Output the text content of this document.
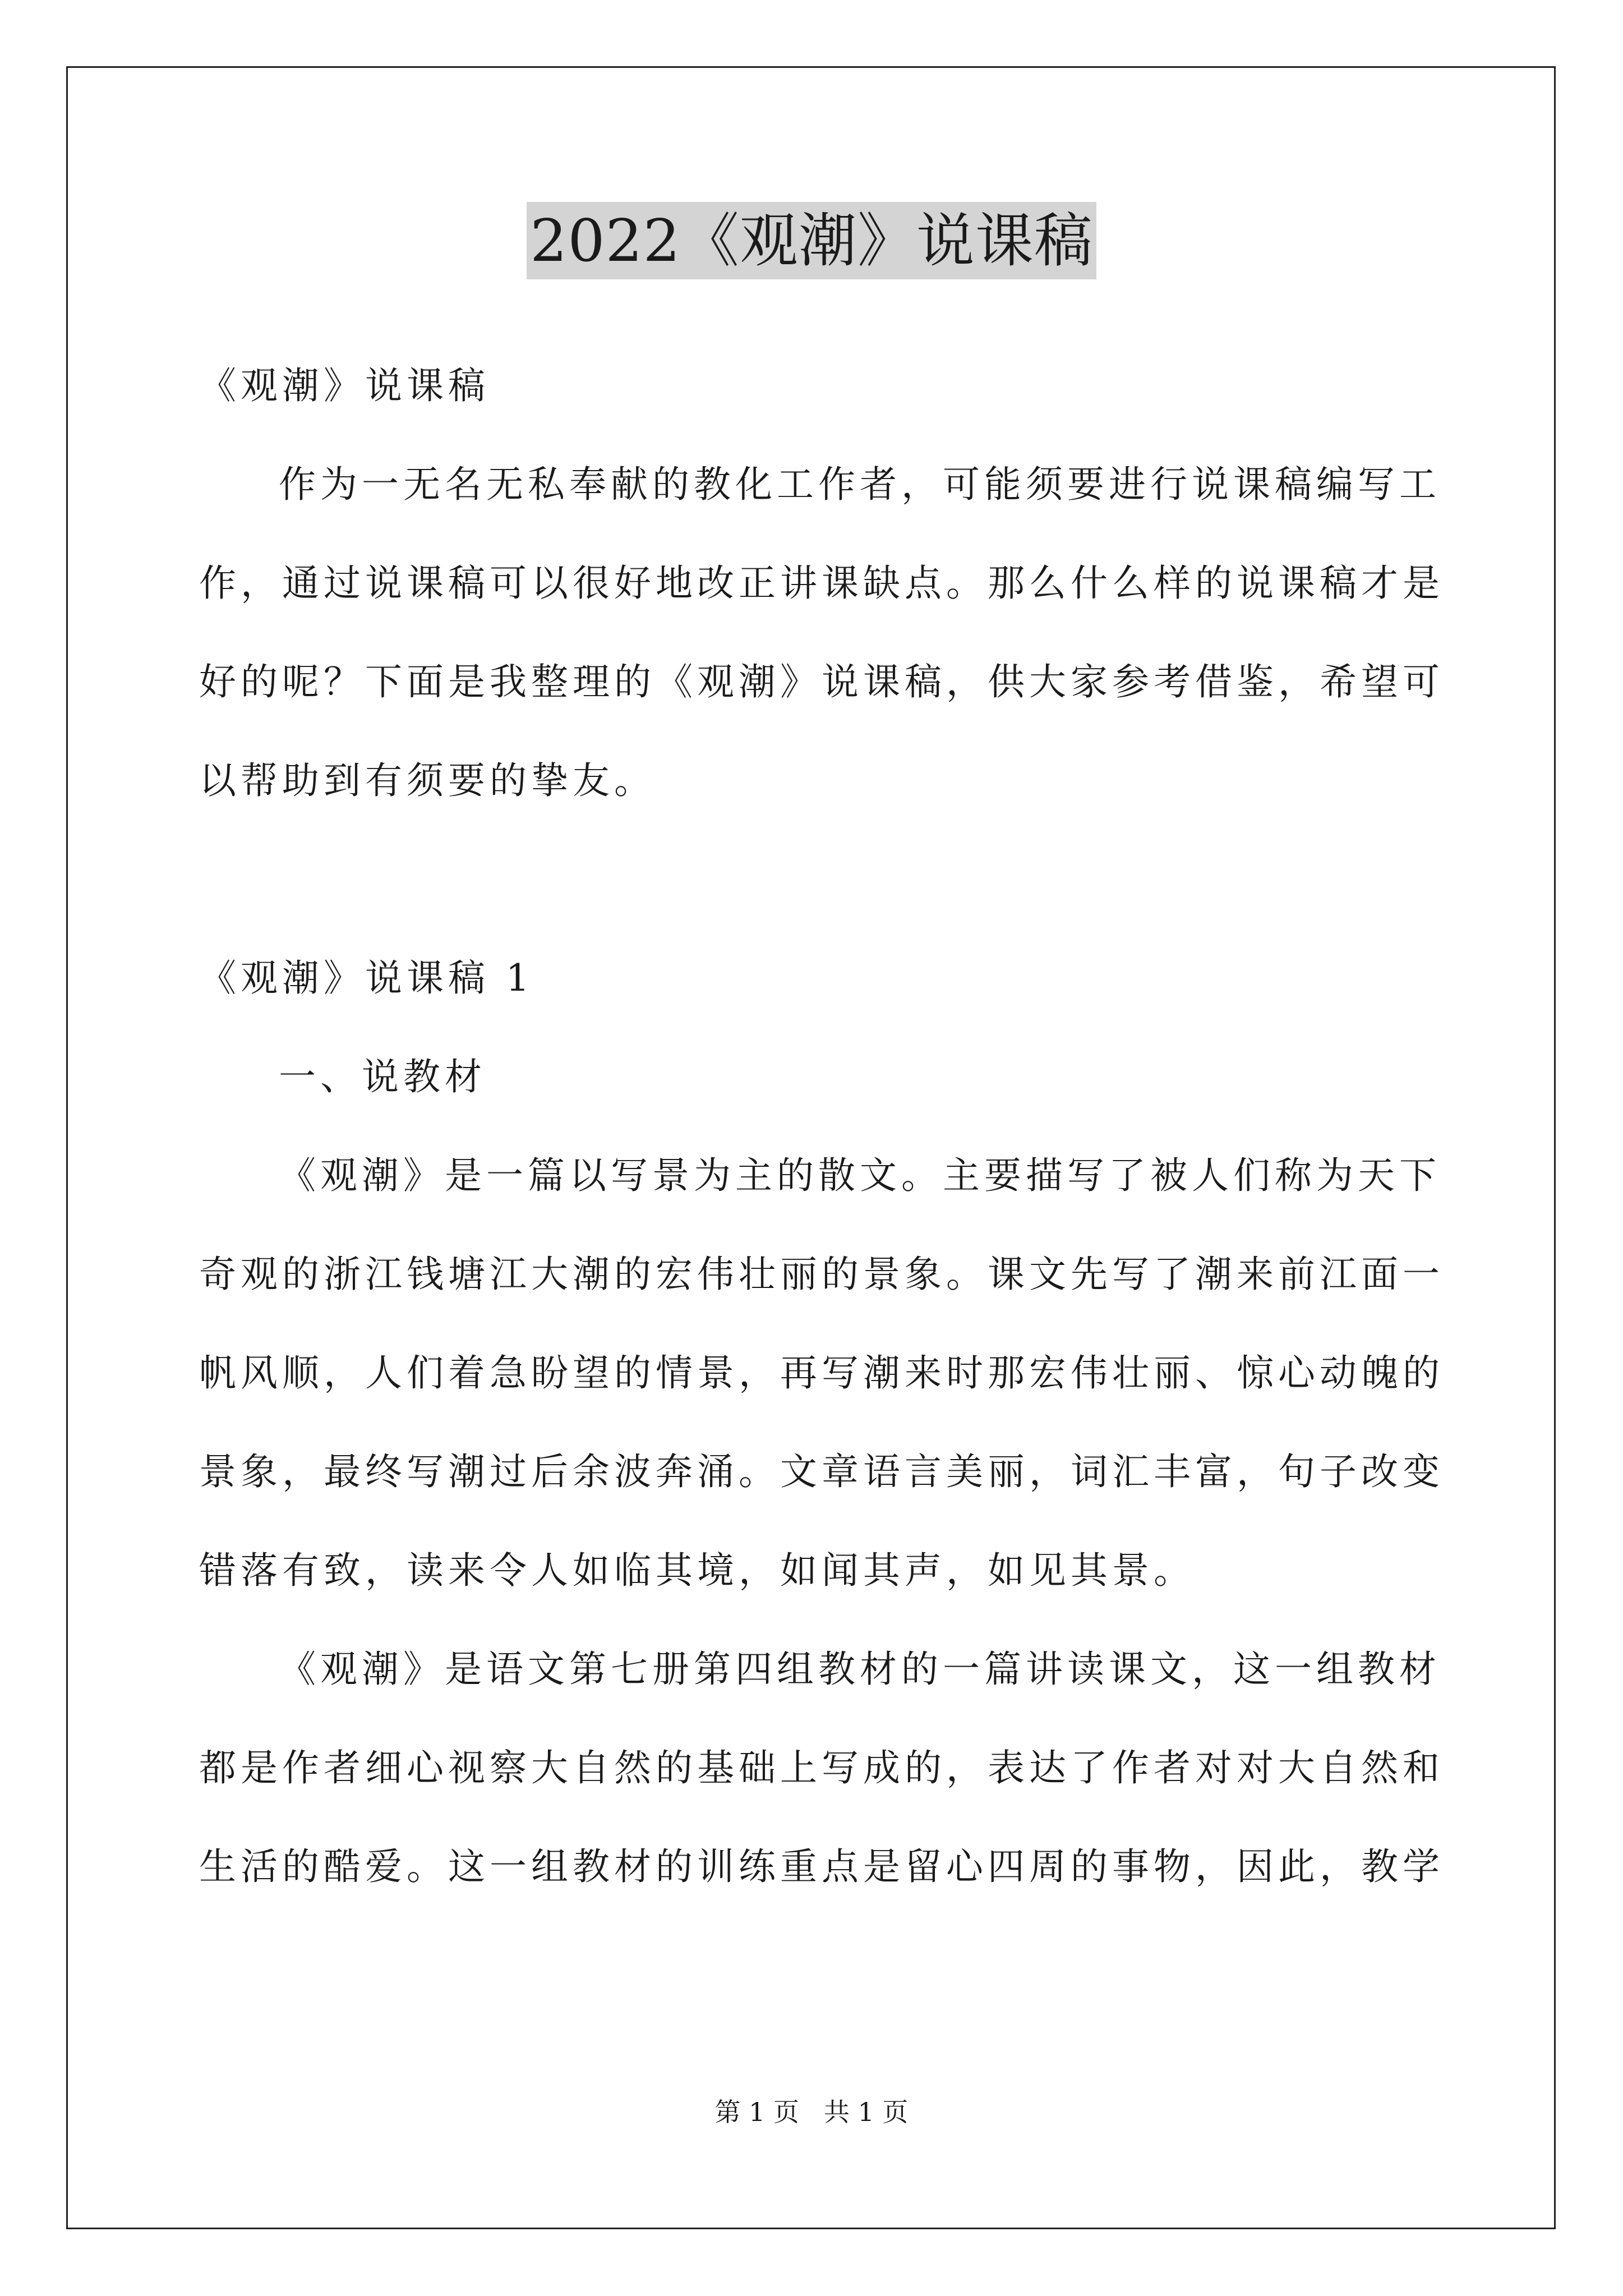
2022《观潮》说课稿
《观潮》说课稿
作为一无名无私奉献的教化工作者，可能须要进行说课稿编写工
作，通过说课稿可以很好地改正讲课缺点。那么什么样的说课稿才是
好的呢？下面是我整理的《观潮》说课稿，供大家参考借鉴，希望可
以帮助到有须要的挚友。
《观潮》说课稿 1
一、说教材
《观潮》是一篇以写景为主的散文。主要描写了被人们称为天下
奇观的浙江钱塘江大潮的宏伟壮丽的景象。课文先写了潮来前江面一
帆风顺，人们着急盼望的情景，再写潮来时那宏伟壮丽、惊心动魄的
景象，最终写潮过后余波奔涌。文章语言美丽，词汇丰富，句子改变
错落有致，读来令人如临其境，如闻其声，如见其景。
《观潮》是语文第七册第四组教材的一篇讲读课文，这一组教材
都是作者细心视察大自然的基础上写成的，表达了作者对对大自然和
生活的酷爱。这一组教材的训练重点是留心四周的事物，因此，教学
第 1 页   共 1 页
